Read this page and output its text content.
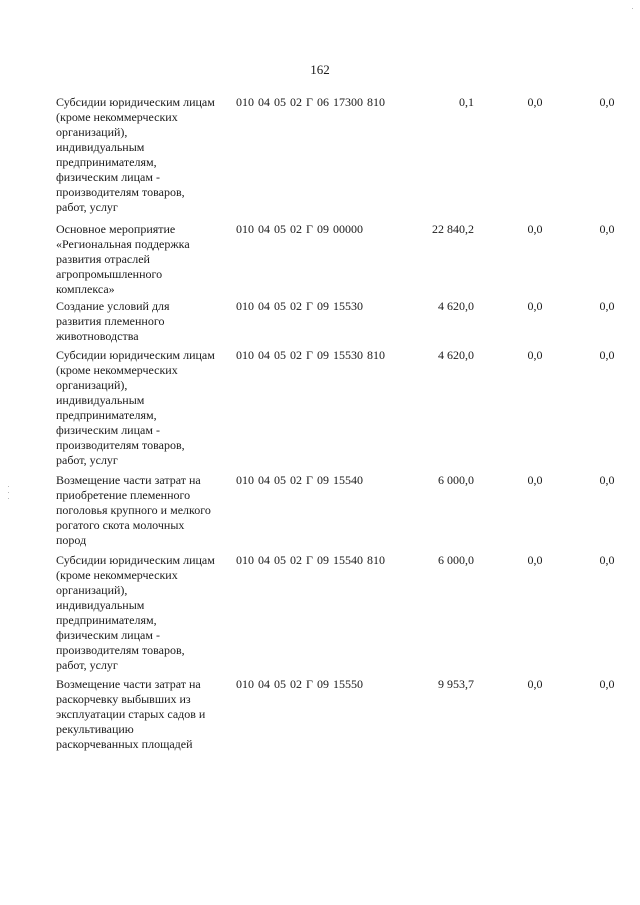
162
Субсидии юридическим лицам
(кроме некоммерческих
организаций),
индивидуальным
предпринимателям,
физическим лицам -
производителям товаров,
работ, услуг
010 04 05 02 Г 06 17300 810	0,1	0,0	0,0
Основное мероприятие
«Региональная поддержка
развития отраслей
агропромышленного
комплекса»
010 04 05 02 Г 09 00000	22 840,2	0,0	0,0
Создание условий для
развития племенного
животноводства
010 04 05 02 Г 09 15530	4 620,0	0,0	0,0
Субсидии юридическим лицам
(кроме некоммерческих
организаций),
индивидуальным
предпринимателям,
физическим лицам -
производителям товаров,
работ, услуг
010 04 05 02 Г 09 15530 810	4 620,0	0,0	0,0
Возмещение части затрат на
приобретение племенного
поголовья крупного и мелкого
рогатого скота молочных
пород
010 04 05 02 Г 09 15540	6 000,0	0,0	0,0
Субсидии юридическим лицам
(кроме некоммерческих
организаций),
индивидуальным
предпринимателям,
физическим лицам -
производителям товаров,
работ, услуг
010 04 05 02 Г 09 15540 810	6 000,0	0,0	0,0
Возмещение части затрат на
раскорчевку выбывших из
эксплуатации старых садов и
рекультивацию
раскорчеванных площадей
010 04 05 02 Г 09 15550	9 953,7	0,0	0,0
